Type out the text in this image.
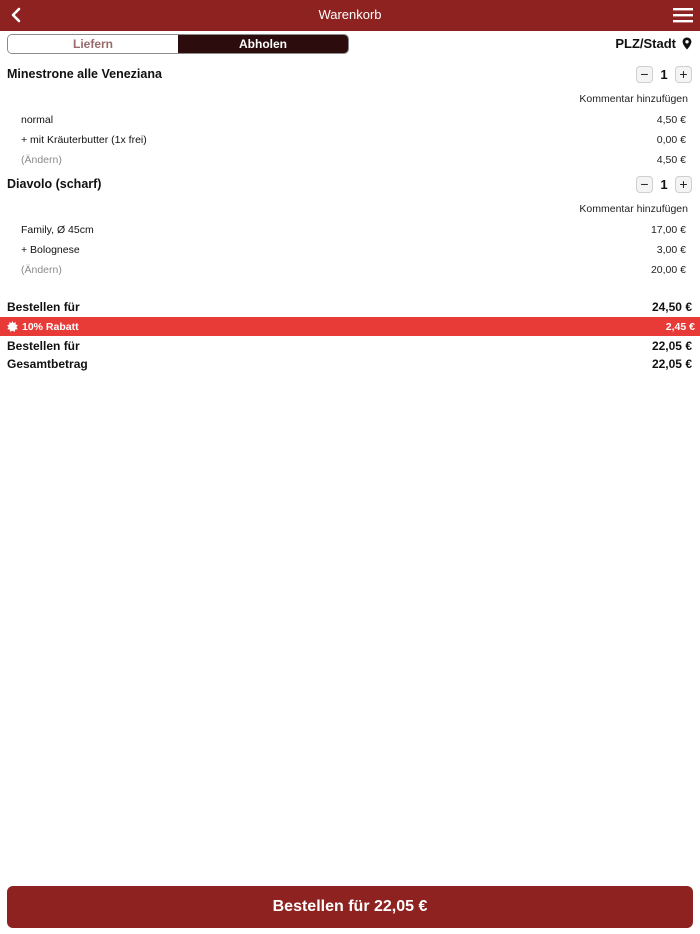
Warenkorb
Liefern	Abholen	PLZ/Stadt
Minestrone alle Veneziana	− 1 +
Kommentar hinzufügen
normal	4,50 €
+ mit Kräuterbutter (1x frei)	0,00 €
(Ändern)	4,50 €
Diavolo (scharf)	− 1 +
Kommentar hinzufügen
Family, Ø 45cm	17,00 €
+ Bolognese	3,00 €
(Ändern)	20,00 €
Bestellen für	24,50 €
10% Rabatt	2,45 €
Bestellen für	22,05 €
Gesamtbetrag	22,05 €
Bestellen für 22,05 €
